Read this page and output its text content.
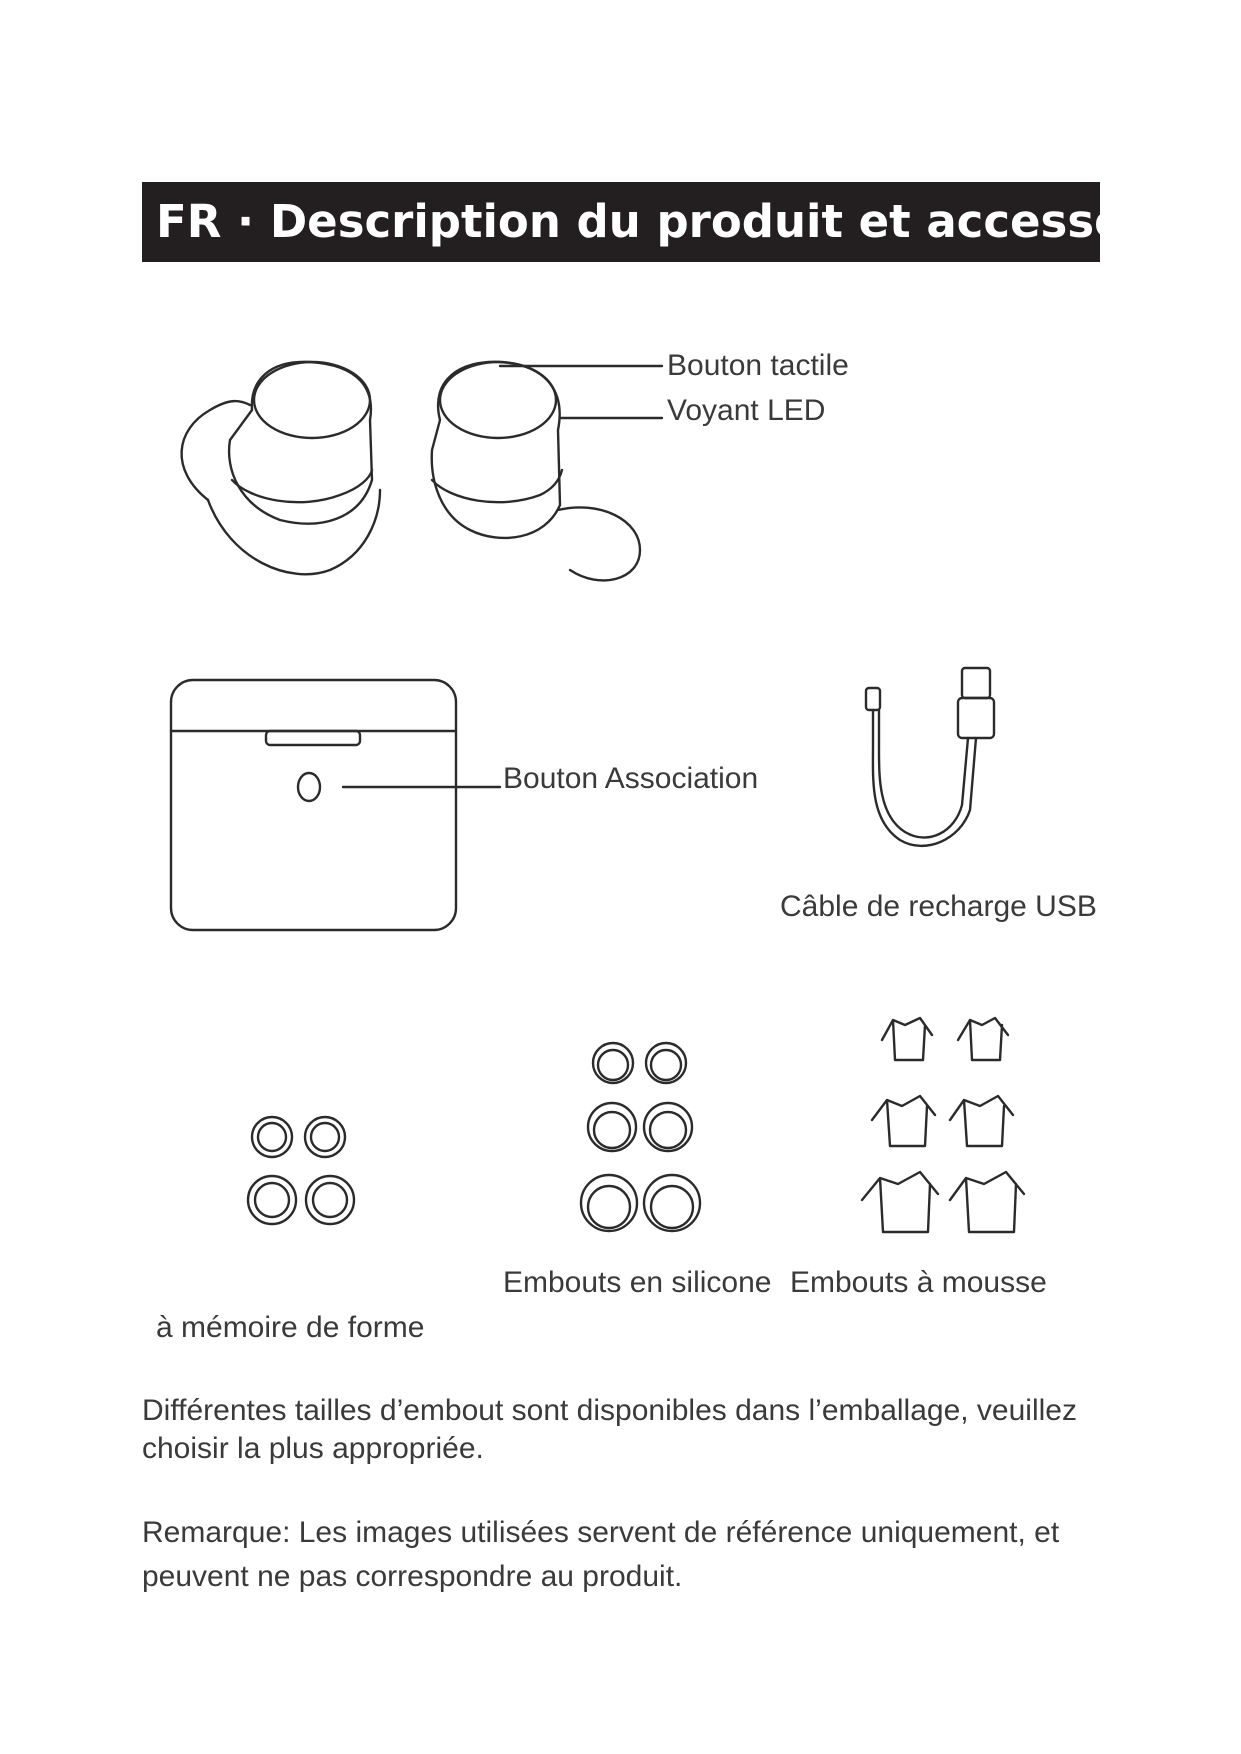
FR · Description du produit et accessoires
Bouton tactile
Voyant LED
Bouton Association
Câble de recharge USB
Embouts en silicone Embouts à mousse
à mémoire de forme
Différentes tailles d’embout sont disponibles dans l’emballage, veuillez choisir la plus appropriée.
Remarque: Les images utilisées servent de référence uniquement, et peuvent ne pas correspondre au produit.
